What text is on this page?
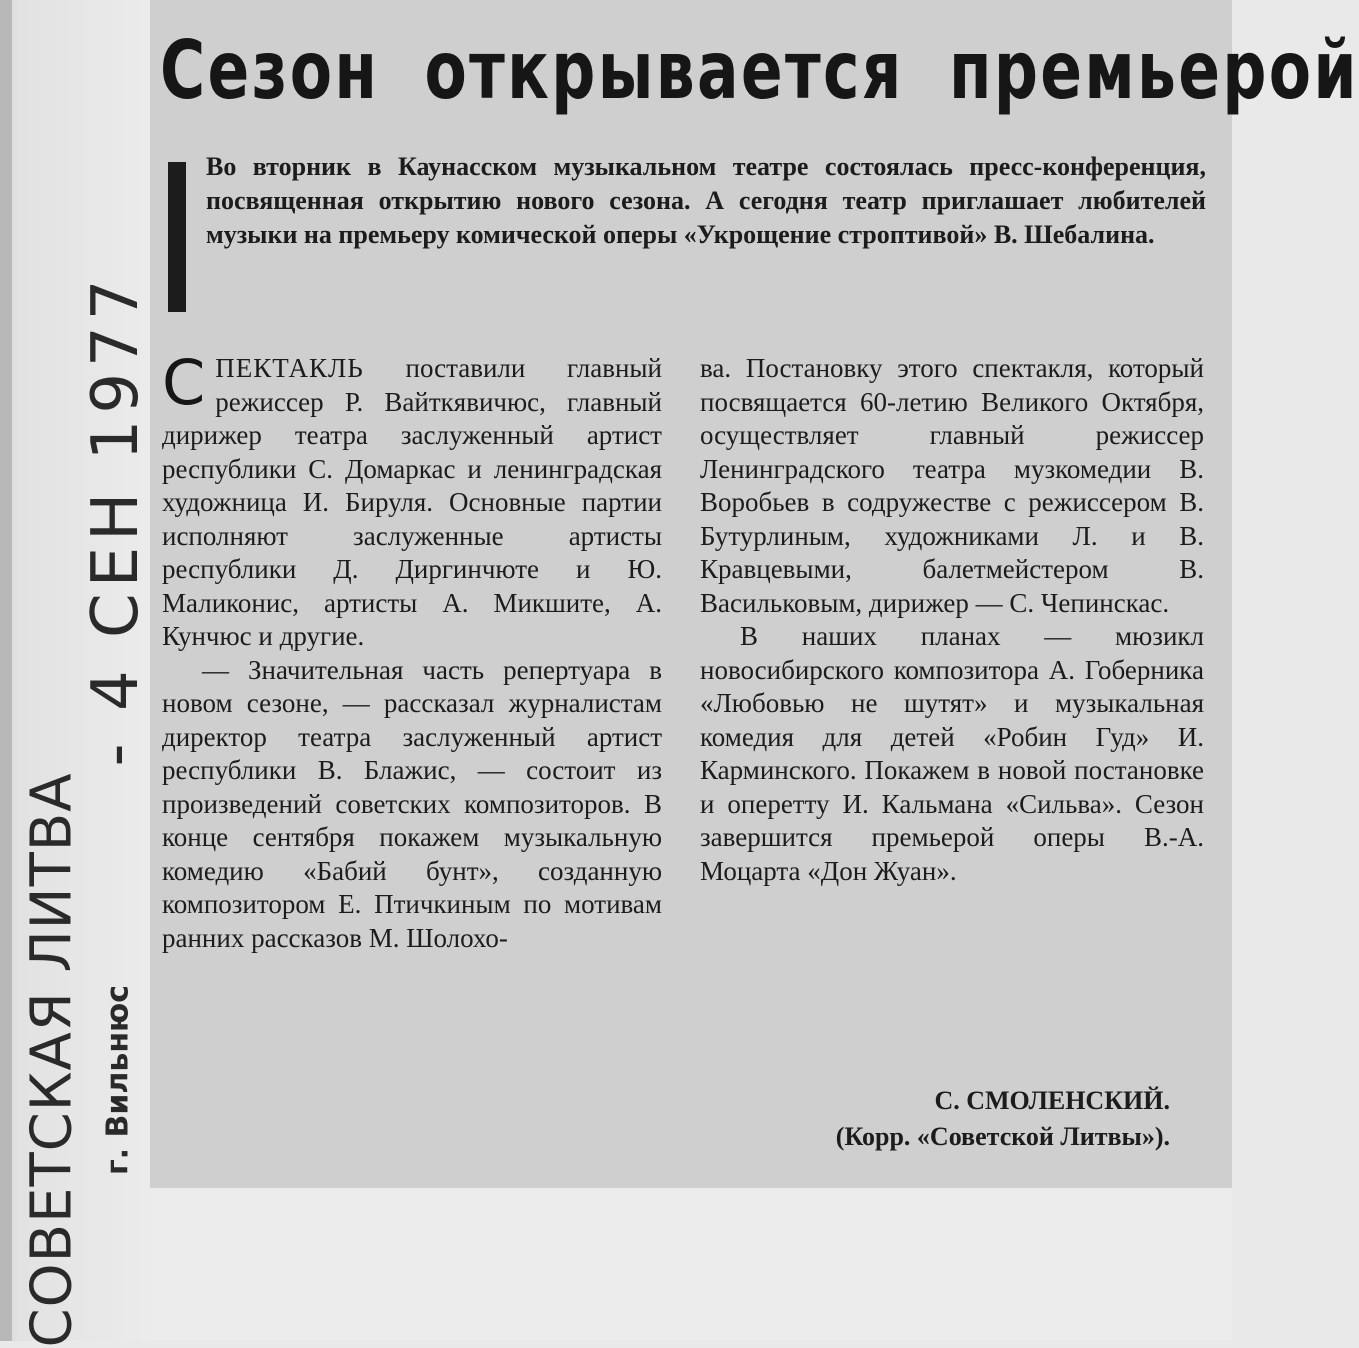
- 4 СЕН 1977
СОВЕТСКАЯ ЛИТВА г. Вильнюс
Сезон открывается премьерой

Во вторник в Каунасском музыкальном театре состоялась пресс-конференция, посвященная открытию нового сезона. А сегодня театр приглашает любителей музыки на премьеру комической оперы «Укрощение строптивой» В. Шебалина.

СПЕКТАКЛЬ поставили главный режиссер Р. Вайткявичюс, главный дирижер театра заслуженный артист республики С. Домаркас и ленинградская художница И. Бируля. Основные партии исполняют заслуженные артисты республики Д. Диргинчюте и Ю. Маликонис, артисты А. Микшите, А. Кунчюс и другие.

— Значительная часть репертуара в новом сезоне, — рассказал журналистам директор театра заслуженный артист республики В. Блажис, — состоит из произведений советских композиторов. В конце сентября покажем музыкальную комедию «Бабий бунт», созданную композитором Е. Птичкиным по мотивам ранних рассказов М. Шолохо-

ва. Постановку этого спектакля, который посвящается 60-летию Великого Октября, осуществляет главный режиссер Ленинградского театра музкомедии В. Воробьев в содружестве с режиссером В. Бутурлиным, художниками Л. и В. Кравцевыми, балетмейстером В. Васильковым, дирижер — С. Чепинскас.

В наших планах — мюзикл новосибирского композитора А. Гоберника «Любовью не шутят» и музыкальная комедия для детей «Робин Гуд» И. Карминского. Покажем в новой постановке и оперетту И. Кальмана «Сильва». Сезон завершится премьерой оперы В.-А. Моцарта «Дон Жуан».

С. СМОЛЕНСКИЙ.

(Корр. «Советской Литвы»).
